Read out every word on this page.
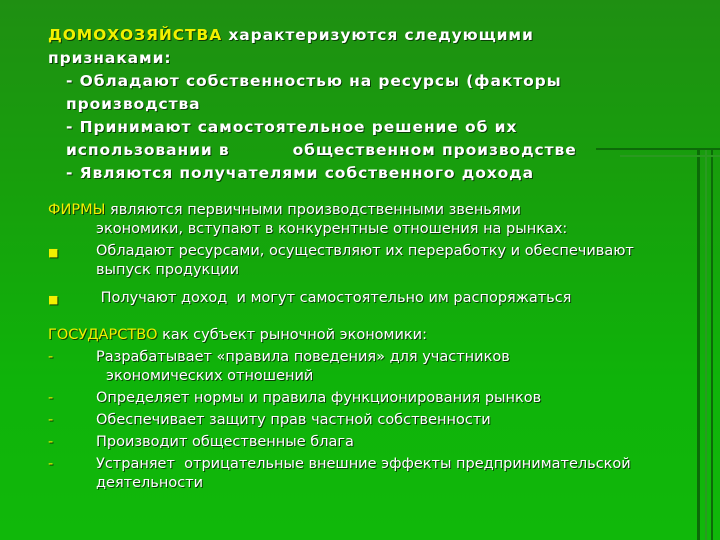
ДОМОХОЗЯЙСТВА характеризуются следующими признаками:
- Обладают собственностью на ресурсы (факторы производства
- Принимают самостоятельное решение об их использовании в          общественном производстве
- Являются получателями собственного дохода
ФИРМЫ являются первичными производственными звеньями
экономики, вступают в конкурентные отношения на рынках:
■	Обладают ресурсами, осуществляют их переработку и обеспечивают выпуск продукции
■	Получают доход  и могут самостоятельно им распоряжаться
ГОСУДАРСТВО как субъект рыночной экономики:
-	Разрабатывает «правила поведения» для участников
экономических отношений
-	Определяет нормы и правила функционирования рынков
-	Обеспечивает защиту прав частной собственности
-	Производит общественные блага
-	Устраняет  отрицательные внешние эффекты предпринимательской деятельности
